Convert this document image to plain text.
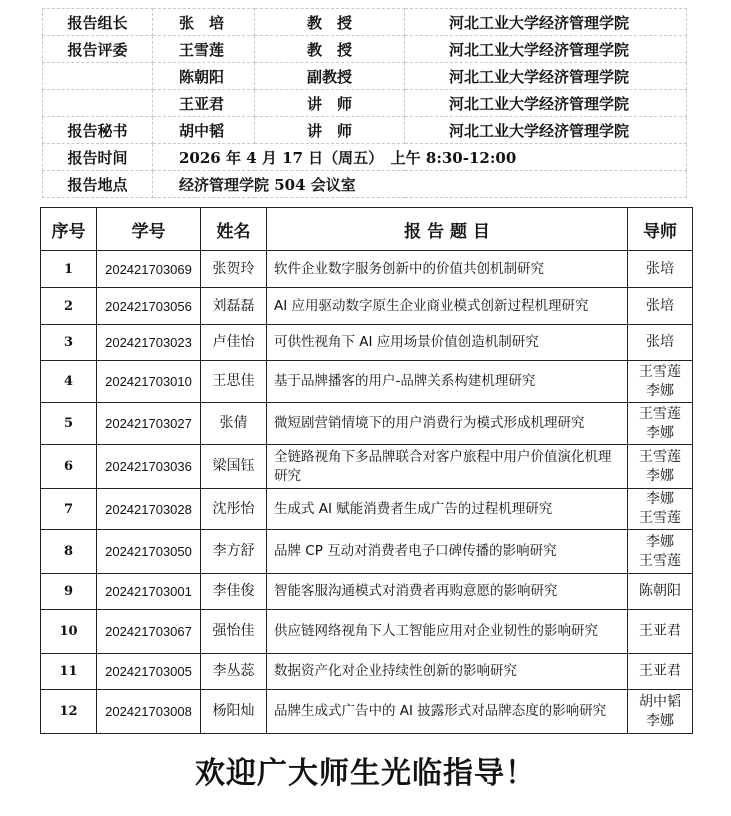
报告组长	张　培	教　授	河北工业大学经济管理学院
报告评委	王雪莲	教　授	河北工业大学经济管理学院
	陈朝阳	副教授	河北工业大学经济管理学院
	王亚君	讲　师	河北工业大学经济管理学院
报告秘书	胡中韬	讲　师	河北工业大学经济管理学院
报告时间	2026 年 4 月 17 日（周五）　上午 8:30-12:00		
报告地点	经济管理学院 504 会议室		
序号	学号	姓名	报 告 题 目	导师
1	202421703069	张贺玲	软件企业数字服务创新中的价值共创机制研究	张培

2	202421703056	刘磊磊	AI 应用驱动数字原生企业商业模式创新过程机理研究	张培

3	202421703023	卢佳怡	可供性视角下 AI 应用场景价值创造机制研究	张培

4	202421703010	王思佳	基于品牌播客的用户-品牌关系构建机理研究	王雪莲
李娜

5	202421703027	张倩	微短剧营销情境下的用户消费行为模式形成机理研究	王雪莲
李娜

6	202421703036	梁国钰	全链路视角下多品牌联合对客户旅程中用户价值演化机理研究	王雪莲
李娜

7	202421703028	沈彤怡	生成式 AI 赋能消费者生成广告的过程机理研究	李娜
王雪莲

8	202421703050	李方舒	品牌 CP 互动对消费者电子口碑传播的影响研究	李娜
王雪莲

9	202421703001	李佳俊	智能客服沟通模式对消费者再购意愿的影响研究	陈朝阳

10	202421703067	强怡佳	供应链网络视角下人工智能应用对企业韧性的影响研究	王亚君

11	202421703005	李丛蕊	数据资产化对企业持续性创新的影响研究	王亚君

12	202421703008	杨阳灿	品牌生成式广告中的 AI 披露形式对品牌态度的影响研究	胡中韬
李娜
欢迎广大师生光临指导！
